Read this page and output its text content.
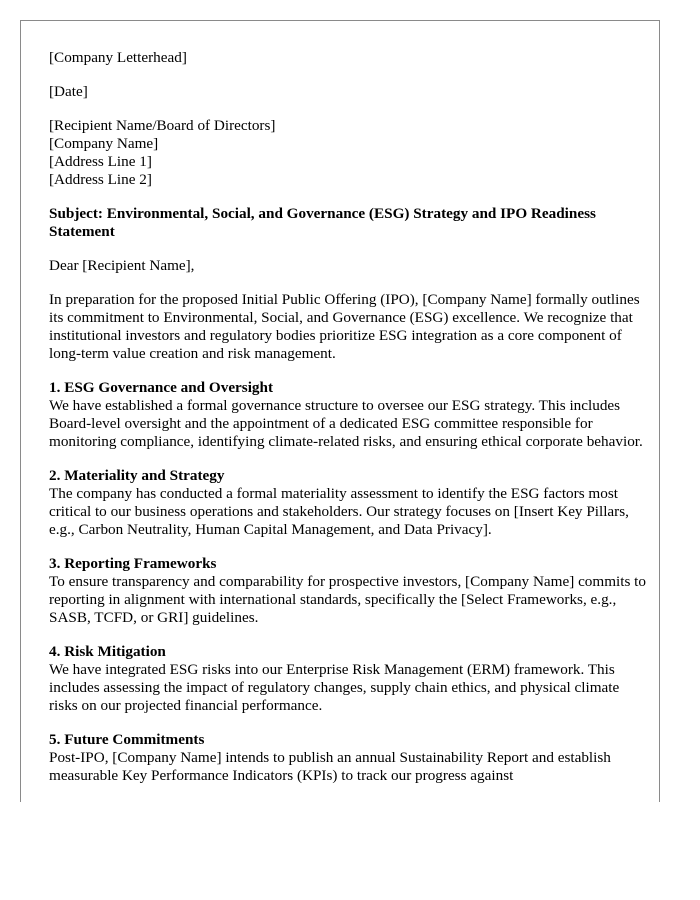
[Company Letterhead]
[Date]
[Recipient Name/Board of Directors]
[Company Name]
[Address Line 1]
[Address Line 2]
Subject: Environmental, Social, and Governance (ESG) Strategy and IPO Readiness Statement
Dear [Recipient Name],
In preparation for the proposed Initial Public Offering (IPO), [Company Name] formally outlines its commitment to Environmental, Social, and Governance (ESG) excellence. We recognize that institutional investors and regulatory bodies prioritize ESG integration as a core component of long-term value creation and risk management.
1. ESG Governance and Oversight
We have established a formal governance structure to oversee our ESG strategy. This includes Board-level oversight and the appointment of a dedicated ESG committee responsible for monitoring compliance, identifying climate-related risks, and ensuring ethical corporate behavior.
2. Materiality and Strategy
The company has conducted a formal materiality assessment to identify the ESG factors most critical to our business operations and stakeholders. Our strategy focuses on [Insert Key Pillars, e.g., Carbon Neutrality, Human Capital Management, and Data Privacy].
3. Reporting Frameworks
To ensure transparency and comparability for prospective investors, [Company Name] commits to reporting in alignment with international standards, specifically the [Select Frameworks, e.g., SASB, TCFD, or GRI] guidelines.
4. Risk Mitigation
We have integrated ESG risks into our Enterprise Risk Management (ERM) framework. This includes assessing the impact of regulatory changes, supply chain ethics, and physical climate risks on our projected financial performance.
5. Future Commitments
Post-IPO, [Company Name] intends to publish an annual Sustainability Report and establish measurable Key Performance Indicators (KPIs) to track our progress against
